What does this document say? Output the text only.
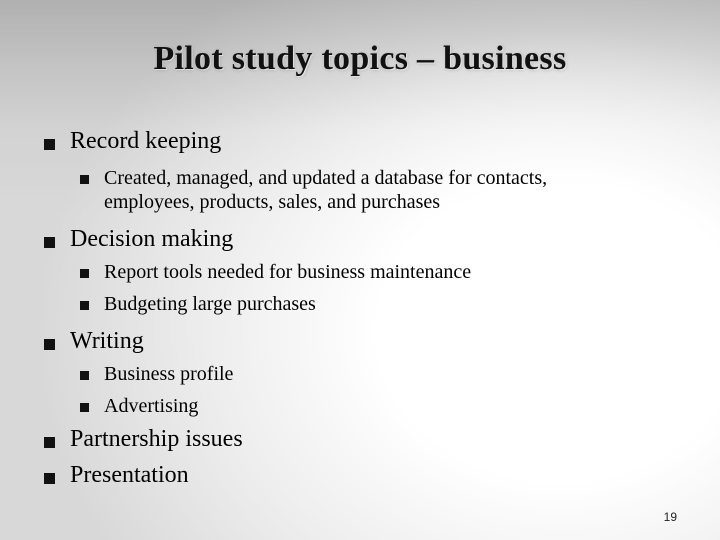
Pilot study topics – business
Record keeping
Created, managed, and updated a database for contacts,
employees, products, sales, and purchases
Decision making
Report tools needed for business maintenance
Budgeting large purchases
Writing
Business profile
Advertising
Partnership issues
Presentation
19
